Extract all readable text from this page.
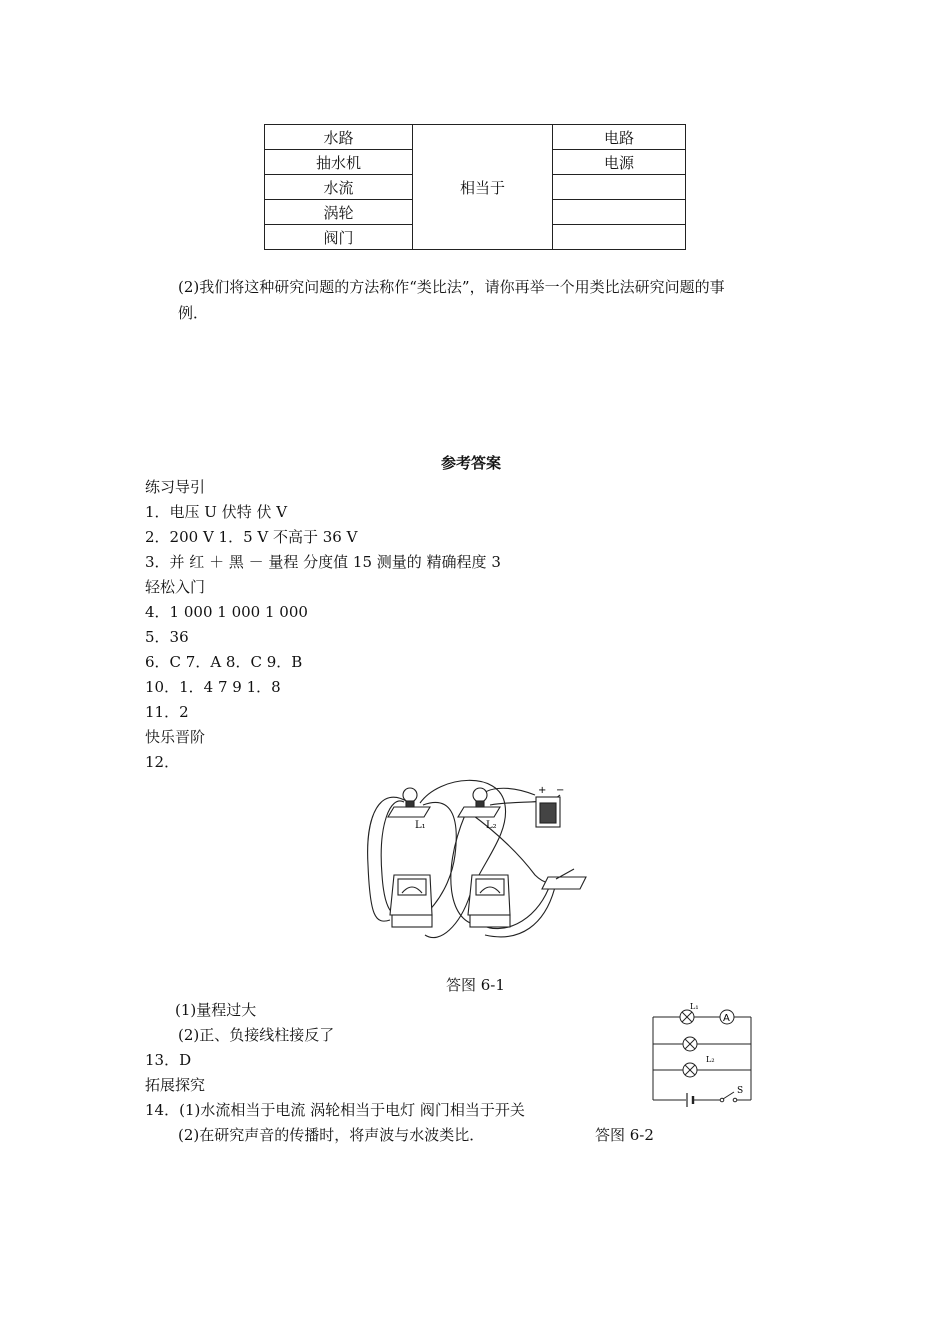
水路	相当于	电路
抽水机		电源
水流		
涡轮		
阀门		
(2)我们将这种研究问题的方法称作“类比法”，请你再举一个用类比法研究问题的事
例．
参考答案
练习导引
1．电压 U 伏特 伏 V
2．200 V 1．5 V 不高于 36 V
3．并 红 ＋ 黑 － 量程 分度值 15 测量的 精确程度 3
轻松入门
4．1 000 1 000 1 000
5．36
6．C 7．A 8．C 9．B
10．1．4 7 9 1．8
11．2
快乐晋阶
12．
L₁	L₂
+ −
答图 6-1
(1)量程过大
(2)正、负接线柱接反了
13．D
拓展探究
14．(1)水流相当于电流 涡轮相当于电灯 阀门相当于开关
(2)在研究声音的传播时，将声波与水波类比．	答图 6-2
A
L₁
L₂
S
